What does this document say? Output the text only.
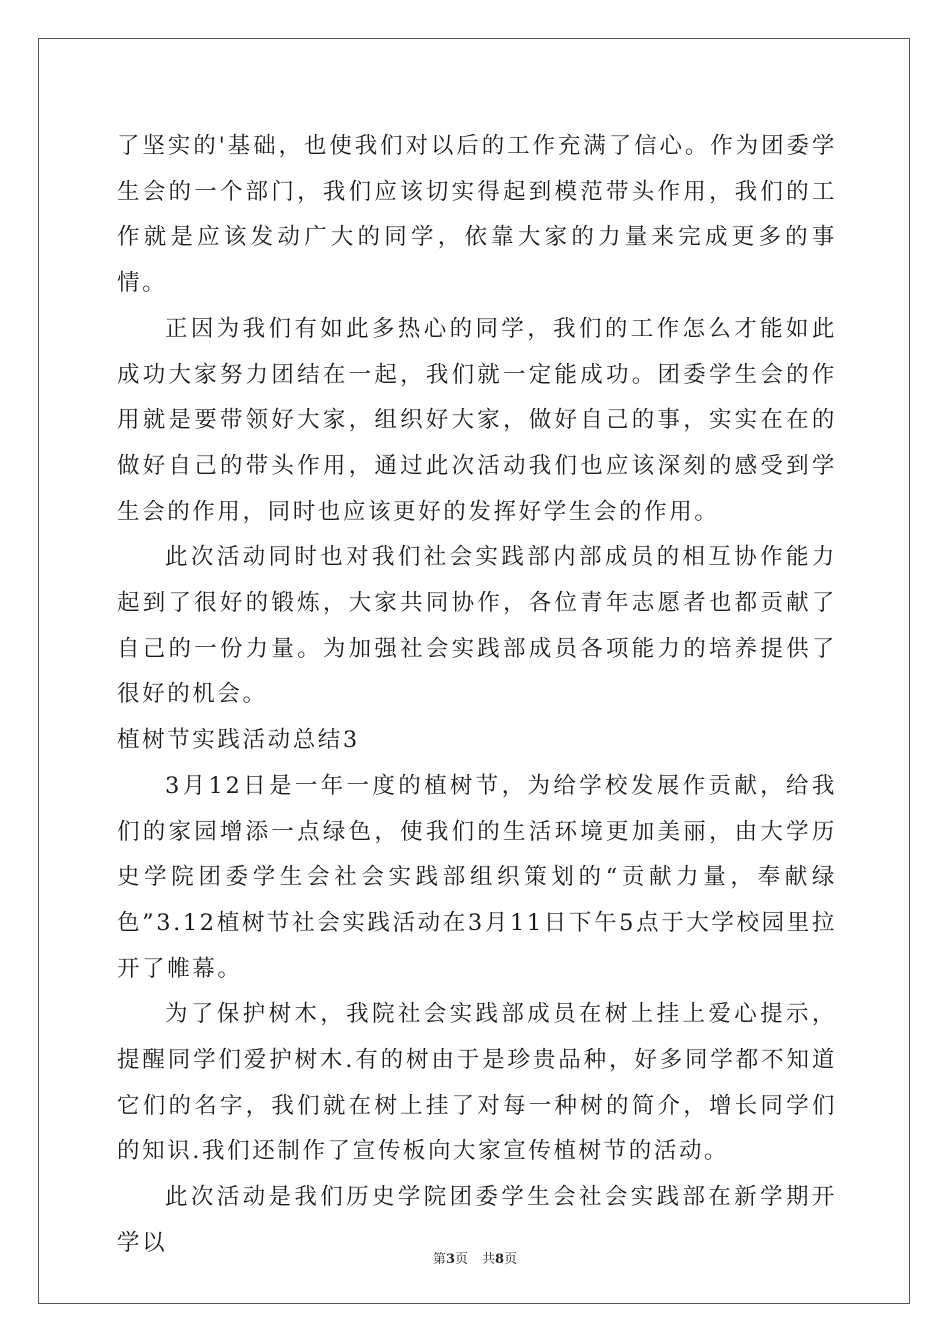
了坚实的'基础，也使我们对以后的工作充满了信心。作为团委学生会的一个部门，我们应该切实得起到模范带头作用，我们的工作就是应该发动广大的同学，依靠大家的力量来完成更多的事情。

正因为我们有如此多热心的同学，我们的工作怎么才能如此成功大家努力团结在一起，我们就一定能成功。团委学生会的作用就是要带领好大家，组织好大家，做好自己的事，实实在在的做好自己的带头作用，通过此次活动我们也应该深刻的感受到学生会的作用，同时也应该更好的发挥好学生会的作用。

此次活动同时也对我们社会实践部内部成员的相互协作能力起到了很好的锻炼，大家共同协作，各位青年志愿者也都贡献了自己的一份力量。为加强社会实践部成员各项能力的培养提供了很好的机会。

植树节实践活动总结3

3月12日是一年一度的植树节，为给学校发展作贡献，给我们的家园增添一点绿色，使我们的生活环境更加美丽，由大学历史学院团委学生会社会实践部组织策划的“贡献力量，奉献绿色”3.12植树节社会实践活动在3月11日下午5点于大学校园里拉开了帷幕。

为了保护树木，我院社会实践部成员在树上挂上爱心提示，提醒同学们爱护树木.有的树由于是珍贵品种，好多同学都不知道它们的名字，我们就在树上挂了对每一种树的简介，增长同学们的知识.我们还制作了宣传板向大家宣传植树节的活动。

此次活动是我们历史学院团委学生会社会实践部在新学期开学以

第3页 共8页
